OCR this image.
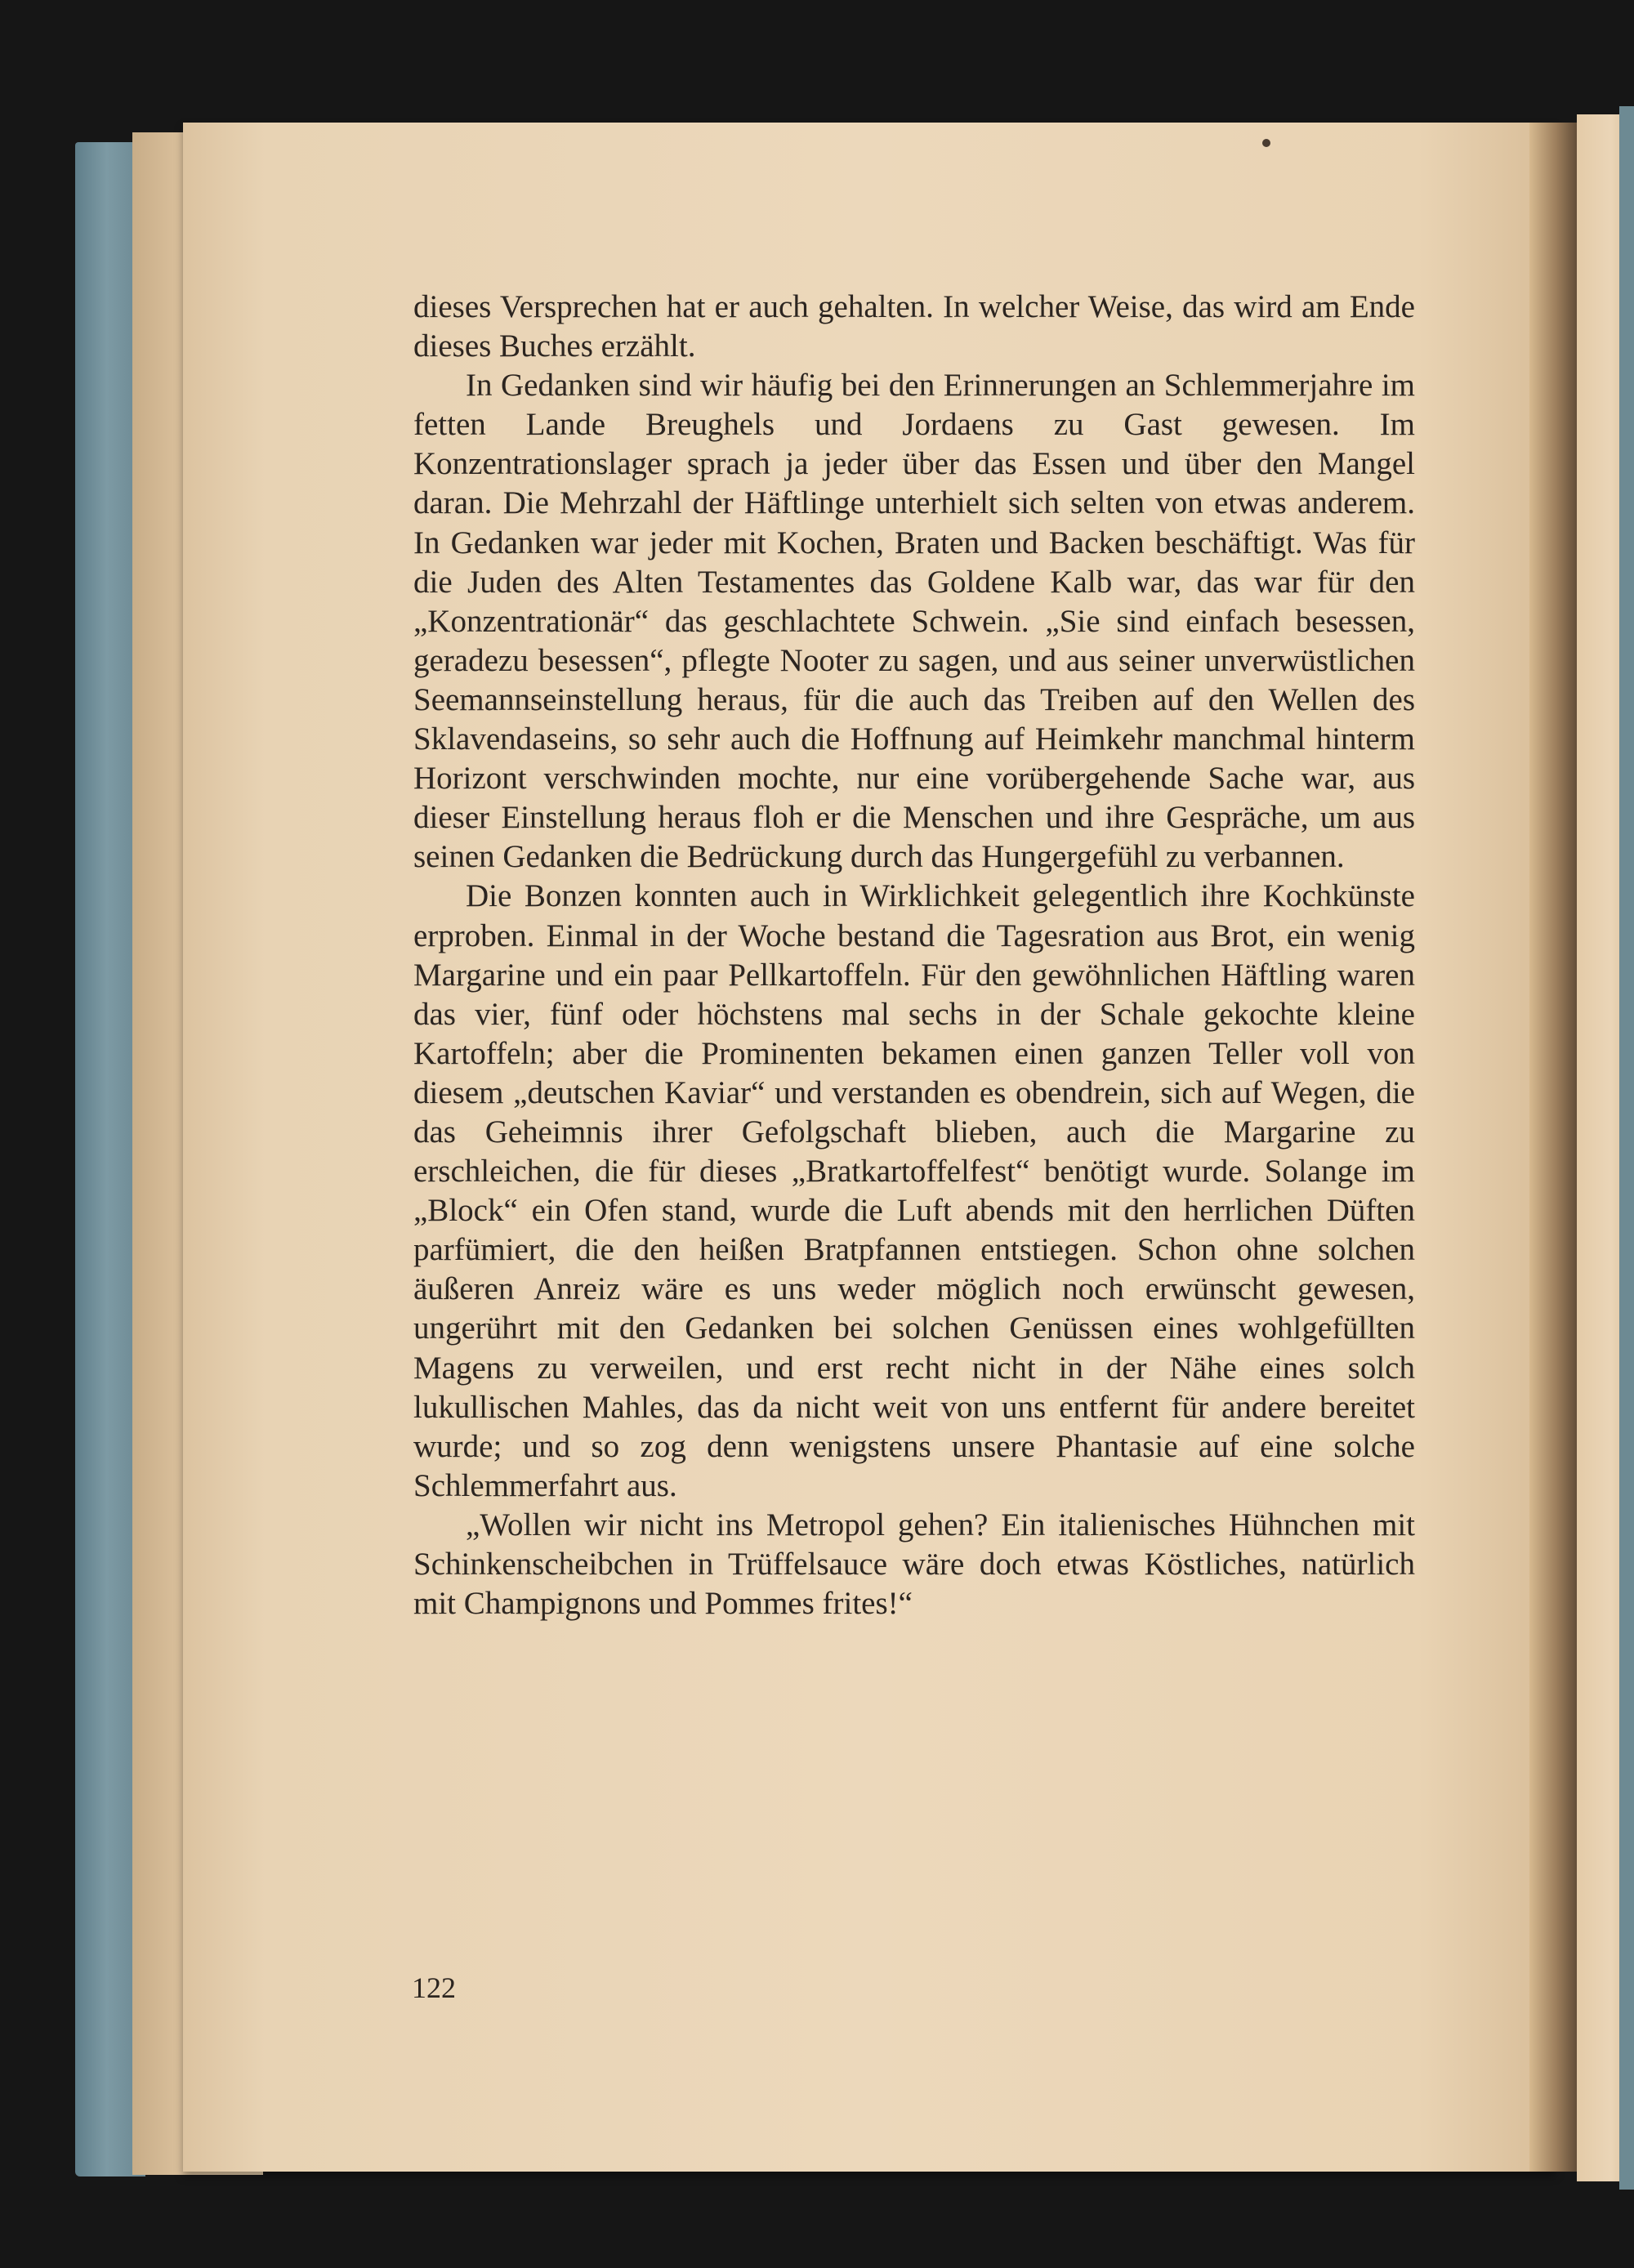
dieses Versprechen hat er auch gehalten. In welcher Weise, das wird am Ende dieses Buches erzählt.

In Gedanken sind wir häufig bei den Erinnerungen an Schlemmerjahre im fetten Lande Breughels und Jordaens zu Gast gewesen. Im Konzentrationslager sprach ja jeder über das Essen und über den Mangel daran. Die Mehrzahl der Häftlinge unterhielt sich selten von etwas anderem. In Gedanken war jeder mit Kochen, Braten und Backen beschäftigt. Was für die Juden des Alten Testamentes das Goldene Kalb war, das war für den „Konzentrationär“ das geschlachtete Schwein. „Sie sind einfach besessen, geradezu besessen“, pflegte Nooter zu sagen, und aus seiner unverwüstlichen Seemannseinstellung heraus, für die auch das Treiben auf den Wellen des Sklavendaseins, so sehr auch die Hoffnung auf Heimkehr manchmal hinterm Horizont verschwinden mochte, nur eine vorübergehende Sache war, aus dieser Einstellung heraus floh er die Menschen und ihre Gespräche, um aus seinen Gedanken die Bedrückung durch das Hungergefühl zu verbannen.

Die Bonzen konnten auch in Wirklichkeit gelegentlich ihre Kochkünste erproben. Einmal in der Woche bestand die Tagesration aus Brot, ein wenig Margarine und ein paar Pellkartoffeln. Für den gewöhnlichen Häftling waren das vier, fünf oder höchstens mal sechs in der Schale gekochte kleine Kartoffeln; aber die Prominenten bekamen einen ganzen Teller voll von diesem „deutschen Kaviar“ und verstanden es obendrein, sich auf Wegen, die das Geheimnis ihrer Gefolgschaft blieben, auch die Margarine zu erschleichen, die für dieses „Bratkartoffelfest“ benötigt wurde. Solange im „Block“ ein Ofen stand, wurde die Luft abends mit den herrlichen Düften parfümiert, die den heißen Bratpfannen entstiegen. Schon ohne solchen äußeren Anreiz wäre es uns weder möglich noch erwünscht gewesen, ungerührt mit den Gedanken bei solchen Genüssen eines wohlgefüllten Magens zu verweilen, und erst recht nicht in der Nähe eines solch lukullischen Mahles, das da nicht weit von uns entfernt für andere bereitet wurde; und so zog denn wenigstens unsere Phantasie auf eine solche Schlemmerfahrt aus.

„Wollen wir nicht ins Metropol gehen? Ein italienisches Hühnchen mit Schinkenscheibchen in Trüffelsauce wäre doch etwas Köstliches, natürlich mit Champignons und Pommes frites!“

122
